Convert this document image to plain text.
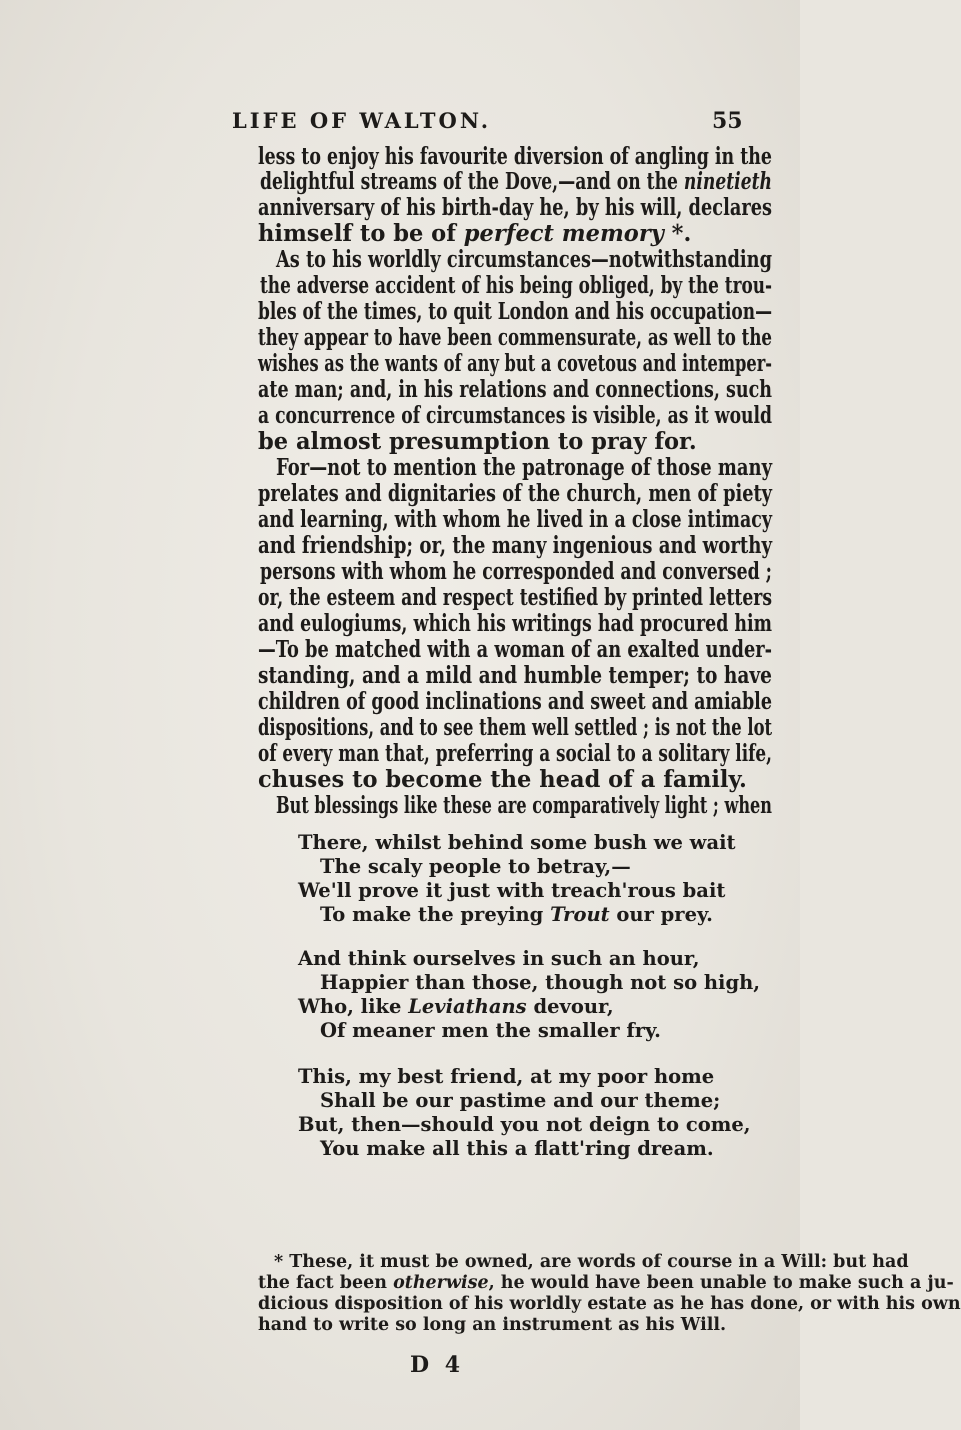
LIFE OF WALTON.	55
less to enjoy his favourite diversion of angling in the
delightful streams of the Dove,—and on the ninetieth
anniversary of his birth-day he, by his will, declares
himself to be of perfect memory *.
As to his worldly circumstances—notwithstanding
the adverse accident of his being obliged, by the trou-
bles of the times, to quit London and his occupation—
they appear to have been commensurate, as well to the
wishes as the wants of any but a covetous and intemper-
ate man; and, in his relations and connections, such
a concurrence of circumstances is visible, as it would
be almost presumption to pray for.
For—not to mention the patronage of those many
prelates and dignitaries of the church, men of piety
and learning, with whom he lived in a close intimacy
and friendship; or, the many ingenious and worthy
persons with whom he corresponded and conversed ;
or, the esteem and respect testified by printed letters
and eulogiums, which his writings had procured him
—To be matched with a woman of an exalted under-
standing, and a mild and humble temper; to have
children of good inclinations and sweet and amiable
dispositions, and to see them well settled ; is not the lot
of every man that, preferring a social to a solitary life,
chuses to become the head of a family.
But blessings like these are comparatively light ; when
There, whilst behind some bush we wait
The scaly people to betray,—
We'll prove it just with treach'rous bait
To make the preying Trout our prey.
And think ourselves in such an hour,
Happier than those, though not so high,
Who, like Leviathans devour,
Of meaner men the smaller fry.
This, my best friend, at my poor home
Shall be our pastime and our theme;
But, then—should you not deign to come,
You make all this a flatt'ring dream.
* These, it must be owned, are words of course in a Will: but had
the fact been otherwise, he would have been unable to make such a ju-
dicious disposition of his worldly estate as he has done, or with his own
hand to write so long an instrument as his Will.
D 4
